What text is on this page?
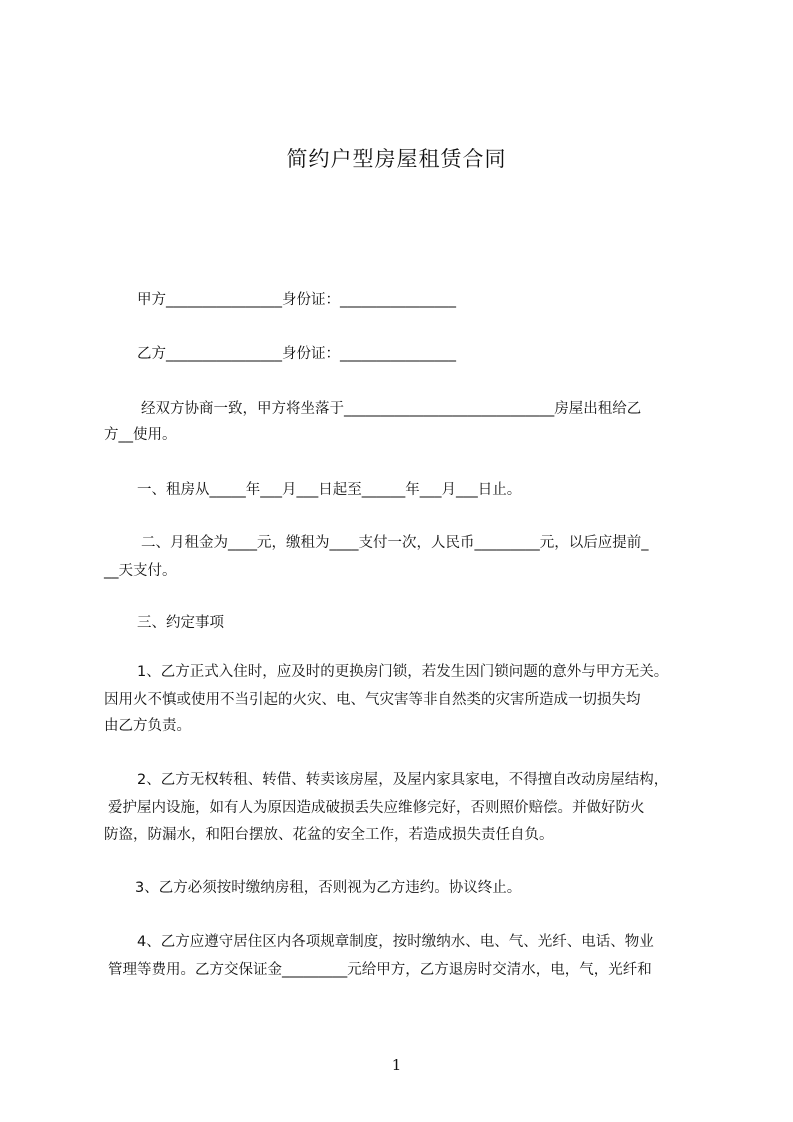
简约户型房屋租赁合同
甲方________________身份证：________________
乙方________________身份证：________________
经双方协商一致，甲方将坐落于_____________________________房屋出租给乙
方__使用。
一、租房从_____年___月___日起至______年___月___日止。
二、月租金为____元，缴租为____支付一次，人民币_________元，以后应提前_
__天支付。
三、约定事项
1、乙方正式入住时，应及时的更换房门锁，若发生因门锁问题的意外与甲方无关。
因用火不慎或使用不当引起的火灾、电、气灾害等非自然类的灾害所造成一切损失均
由乙方负责。
2、乙方无权转租、转借、转卖该房屋，及屋内家具家电，不得擅自改动房屋结构，
爱护屋内设施，如有人为原因造成破损丢失应维修完好，否则照价赔偿。并做好防火
防盗，防漏水，和阳台摆放、花盆的安全工作，若造成损失责任自负。
3、乙方必须按时缴纳房租，否则视为乙方违约。协议终止。
4、乙方应遵守居住区内各项规章制度，按时缴纳水、电、气、光纤、电话、物业
管理等费用。乙方交保证金_________元给甲方，乙方退房时交清水，电，气，光纤和
1
